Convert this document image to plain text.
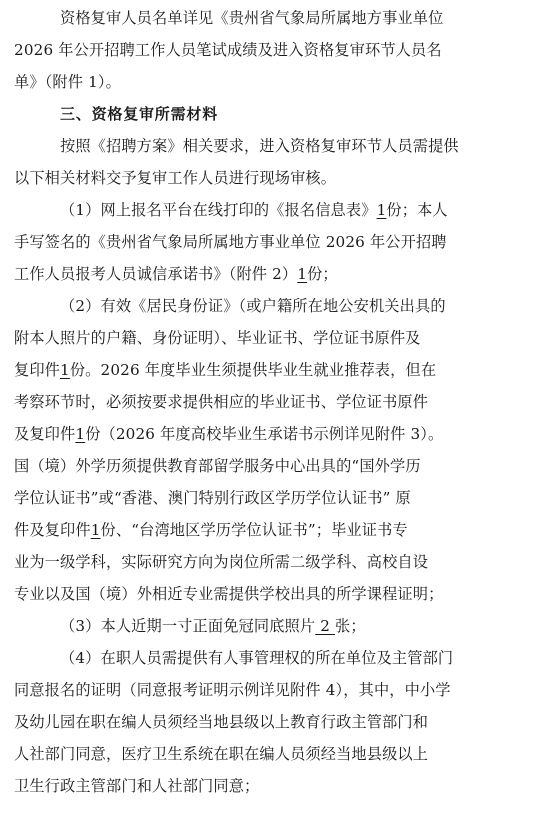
资格复审人员名单详见《贵州省气象局所属地方事业单位
2026 年公开招聘工作人员笔试成绩及进入资格复审环节人员名
单》（附件 1）。
三、资格复审所需材料
按照《招聘方案》相关要求，进入资格复审环节人员需提供
以下相关材料交予复审工作人员进行现场审核。
（1）网上报名平台在线打印的《报名信息表》1份；本人
手写签名的《贵州省气象局所属地方事业单位 2026 年公开招聘
工作人员报考人员诚信承诺书》（附件 2）1份；
（2）有效《居民身份证》（或户籍所在地公安机关出具的
附本人照片的户籍、身份证明）、毕业证书、学位证书原件及
复印件1份。2026 年度毕业生须提供毕业生就业推荐表，但在
考察环节时，必须按要求提供相应的毕业证书、学位证书原件
及复印件1份（2026 年度高校毕业生承诺书示例详见附件 3）。
国（境）外学历须提供教育部留学服务中心出具的“国外学历
学位认证书”或“香港、澳门特别行政区学历学位认证书” 原
件及复印件1份、“台湾地区学历学位认证书”；毕业证书专
业为一级学科，实际研究方向为岗位所需二级学科、高校自设
专业以及国（境）外相近专业需提供学校出具的所学课程证明；
（3）本人近期一寸正面免冠同底照片 2 张；
（4）在职人员需提供有人事管理权的所在单位及主管部门
同意报名的证明（同意报考证明示例详见附件 4），其中，中小学
及幼儿园在职在编人员须经当地县级以上教育行政主管部门和
人社部门同意，医疗卫生系统在职在编人员须经当地县级以上
卫生行政主管部门和人社部门同意；
